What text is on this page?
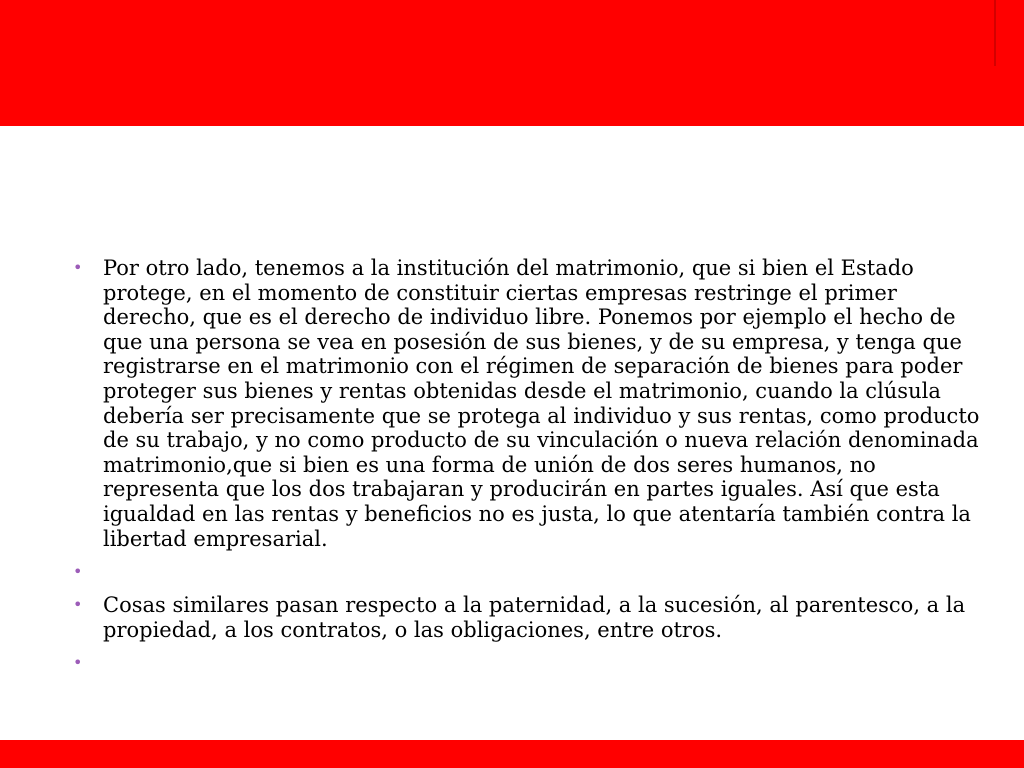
• Por otro lado, tenemos a la institución del matrimonio, que si bien el Estado protege, en el momento de constituir ciertas empresas restringe el primer derecho, que es el derecho de individuo libre. Ponemos por ejemplo el hecho de que una persona se vea en posesión de sus bienes, y de su empresa, y tenga que registrarse en el matrimonio con el régimen de separación de bienes para poder proteger sus bienes y rentas obtenidas desde el matrimonio, cuando la clúsula debería ser precisamente que se protega al individuo y sus rentas, como producto de su trabajo, y no como producto de su vinculación o nueva relación denominada matrimonio,que si bien es una forma de unión de dos seres humanos, no representa que los dos trabajaran y producirán en partes iguales. Así que esta igualdad en las rentas y beneficios no es justa, lo que atentaría también contra la libertad empresarial.
•
• Cosas similares pasan respecto a la paternidad, a la sucesión, al parentesco, a la propiedad, a los contratos, o las obligaciones, entre otros.
•
